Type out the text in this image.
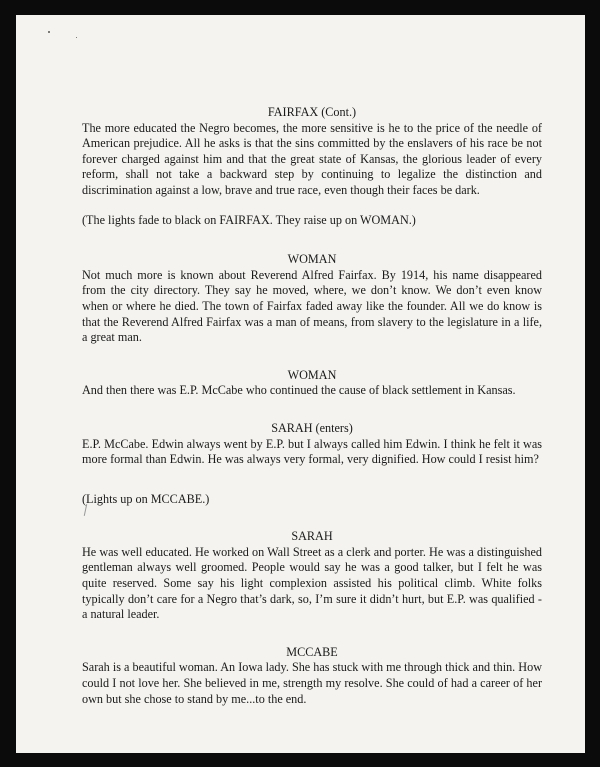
FAIRFAX (Cont.)

The more educated the Negro becomes, the more sensitive is he to the price of the needle of American prejudice. All he asks is that the sins committed by the enslavers of his race be not forever charged against him and that the great state of Kansas, the glorious leader of every reform, shall not take a backward step by continuing to legalize the distinction and discrimination against a low, brave and true race, even though their faces be dark.

(The lights fade to black on FAIRFAX. They raise up on WOMAN.)

WOMAN

Not much more is known about Reverend Alfred Fairfax. By 1914, his name disappeared from the city directory. They say he moved, where, we don’t know. We don’t even know when or where he died. The town of Fairfax faded away like the founder. All we do know is that the Reverend Alfred Fairfax was a man of means, from slavery to the legislature in a life, a great man.

WOMAN

And then there was E.P. McCabe who continued the cause of black settlement in Kansas.

SARAH (enters)

E.P. McCabe. Edwin always went by E.P. but I always called him Edwin. I think he felt it was more formal than Edwin. He was always very formal, very dignified. How could I resist him?

(Lights up on MCCABE.)

SARAH

He was well educated. He worked on Wall Street as a clerk and porter. He was a distinguished gentleman always well groomed. People would say he was a good talker, but I felt he was quite reserved. Some say his light complexion assisted his political climb. White folks typically don’t care for a Negro that’s dark, so, I’m sure it didn’t hurt, but E.P. was qualified - a natural leader.

MCCABE

Sarah is a beautiful woman. An Iowa lady. She has stuck with me through thick and thin. How could I not love her. She believed in me, strength my resolve. She could of had a career of her own but she chose to stand by me...to the end.
